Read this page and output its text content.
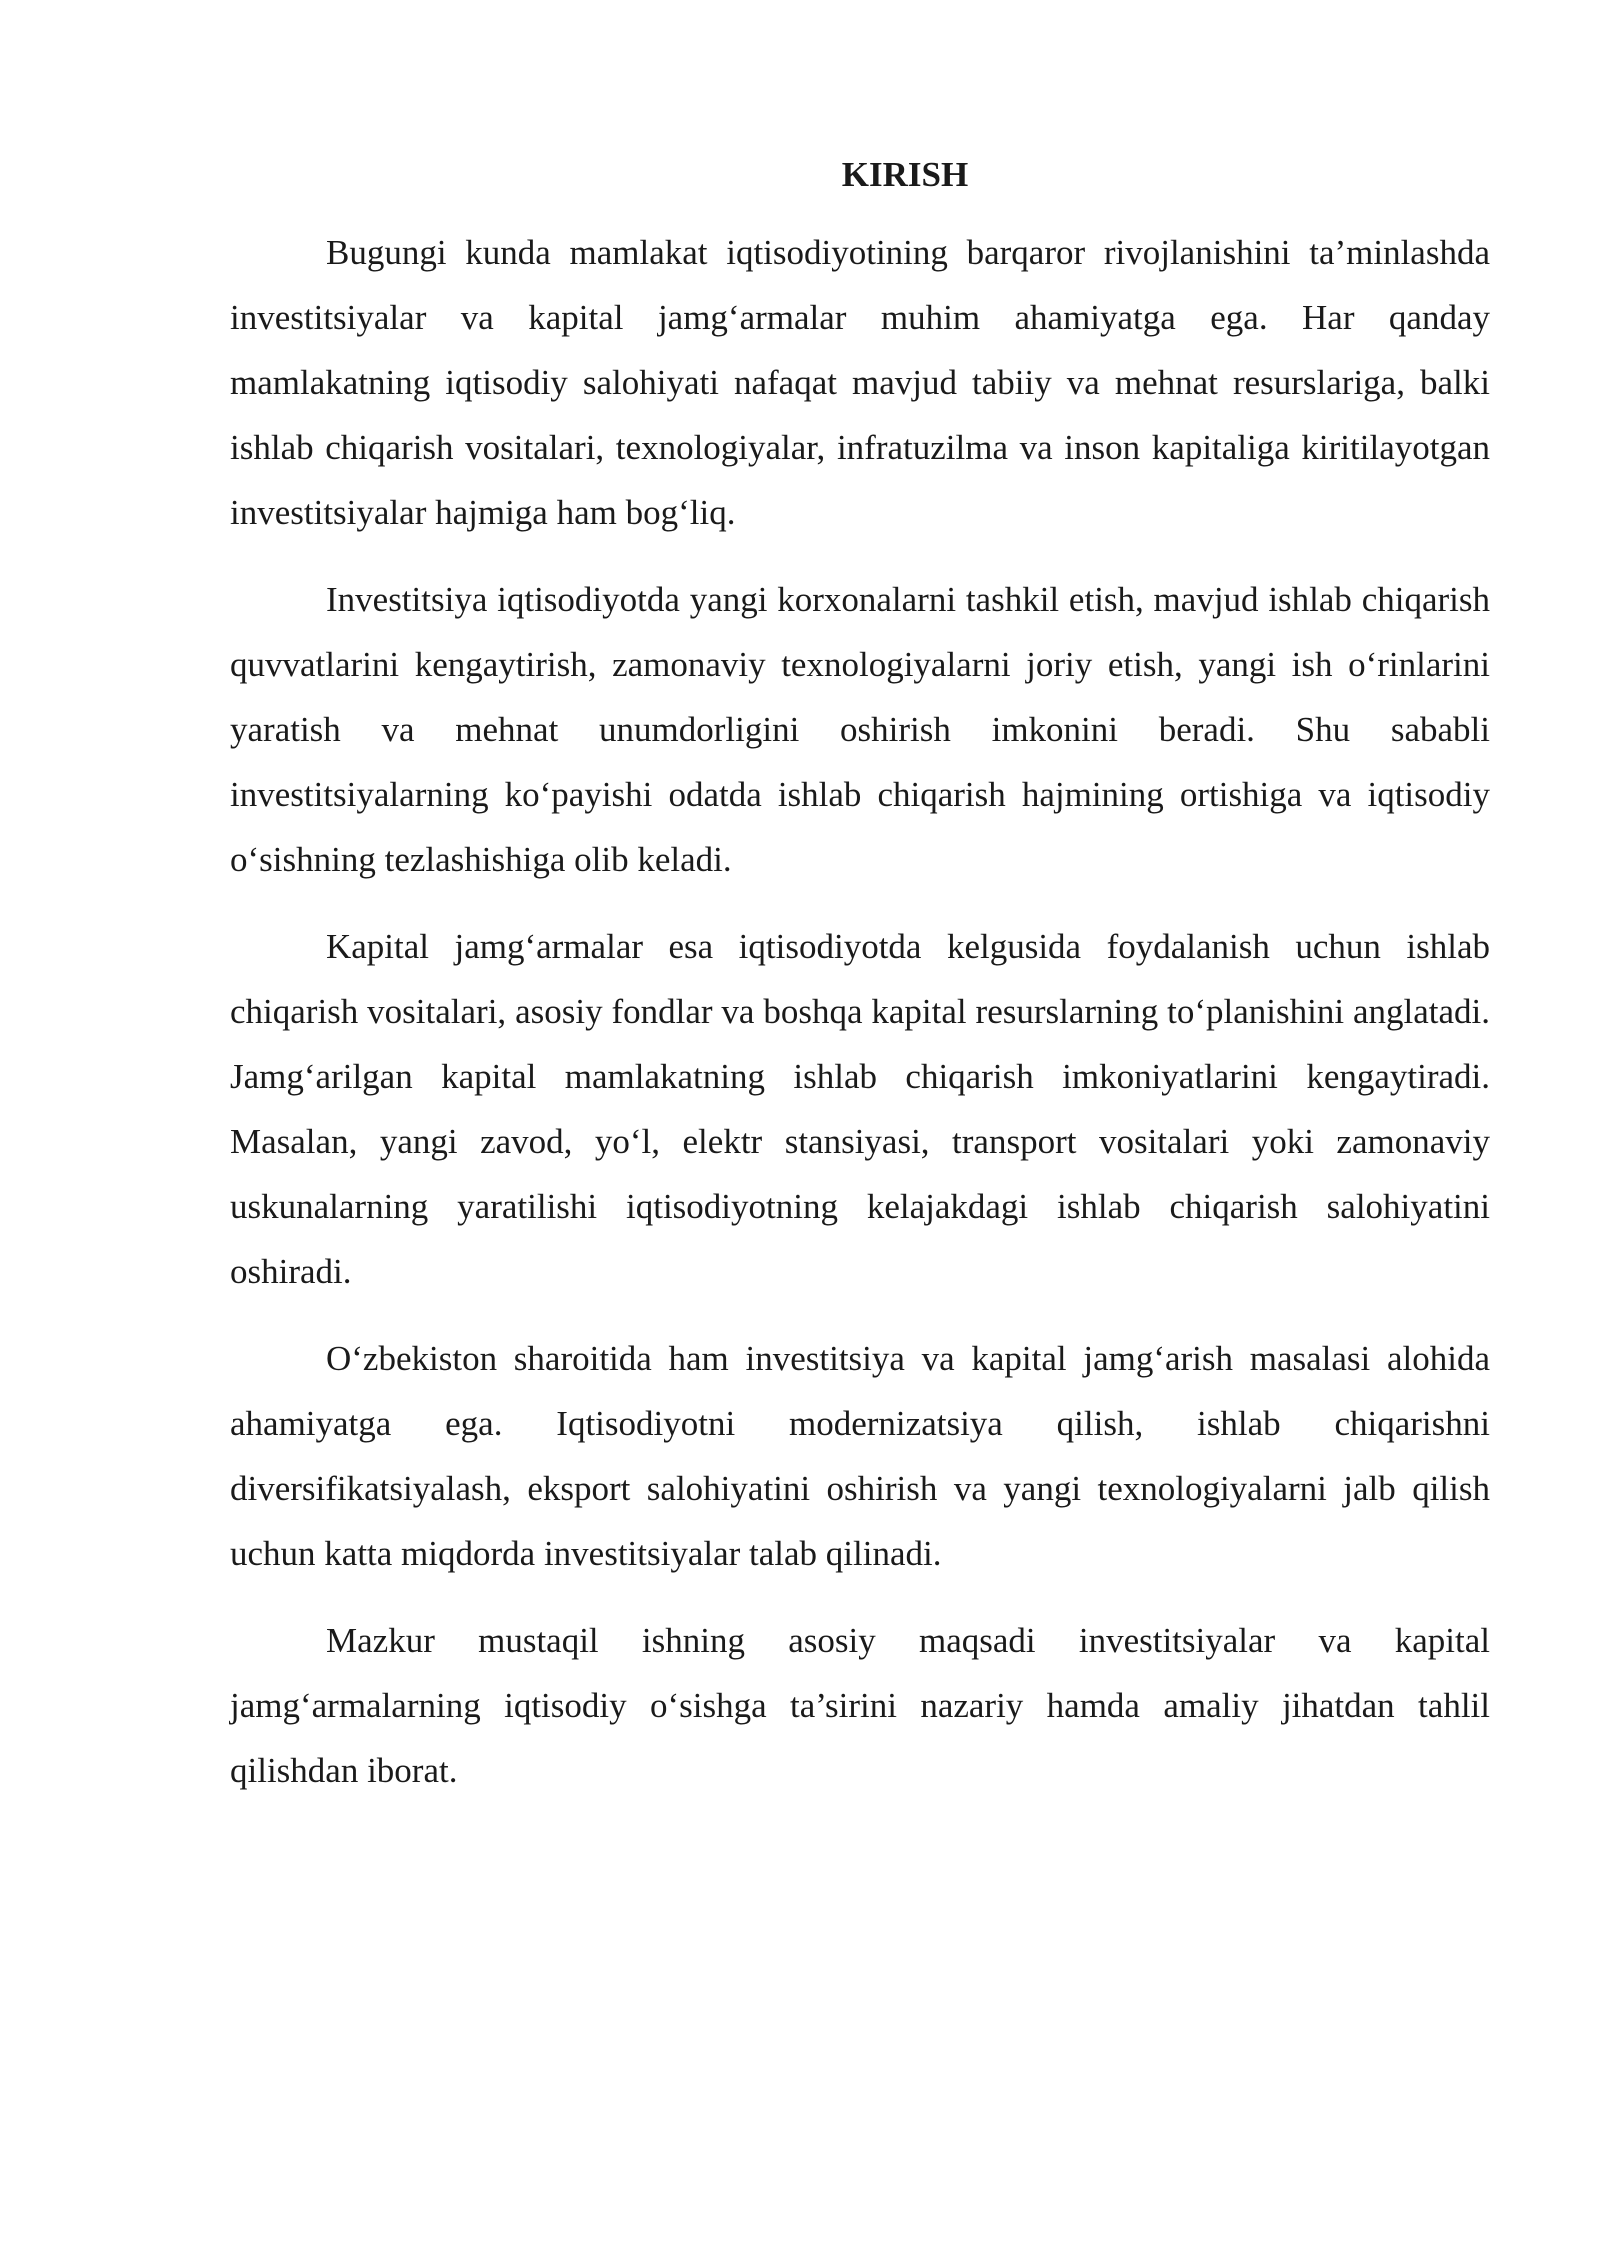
KIRISH

Bugungi kunda mamlakat iqtisodiyotining barqaror rivojlanishini ta’minlashda investitsiyalar va kapital jamg‘armalar muhim ahamiyatga ega. Har qanday mamlakatning iqtisodiy salohiyati nafaqat mavjud tabiiy va mehnat resurslariga, balki ishlab chiqarish vositalari, texnologiyalar, infratuzilma va inson kapitaliga kiritilayotgan investitsiyalar hajmiga ham bog‘liq.

Investitsiya iqtisodiyotda yangi korxonalarni tashkil etish, mavjud ishlab chiqarish quvvatlarini kengaytirish, zamonaviy texnologiyalarni joriy etish, yangi ish o‘rinlarini yaratish va mehnat unumdorligini oshirish imkonini beradi. Shu sababli investitsiyalarning ko‘payishi odatda ishlab chiqarish hajmining ortishiga va iqtisodiy o‘sishning tezlashishiga olib keladi.

Kapital jamg‘armalar esa iqtisodiyotda kelgusida foydalanish uchun ishlab chiqarish vositalari, asosiy fondlar va boshqa kapital resurslarning to‘planishini anglatadi. Jamg‘arilgan kapital mamlakatning ishlab chiqarish imkoniyatlarini kengaytiradi. Masalan, yangi zavod, yo‘l, elektr stansiyasi, transport vositalari yoki zamonaviy uskunalarning yaratilishi iqtisodiyotning kelajakdagi ishlab chiqarish salohiyatini oshiradi.

O‘zbekiston sharoitida ham investitsiya va kapital jamg‘arish masalasi alohida ahamiyatga ega. Iqtisodiyotni modernizatsiya qilish, ishlab chiqarishni diversifikatsiyalash, eksport salohiyatini oshirish va yangi texnologiyalarni jalb qilish uchun katta miqdorda investitsiyalar talab qilinadi.

Mazkur mustaqil ishning asosiy maqsadi investitsiyalar va kapital jamg‘armalarning iqtisodiy o‘sishga ta’sirini nazariy hamda amaliy jihatdan tahlil qilishdan iborat.
